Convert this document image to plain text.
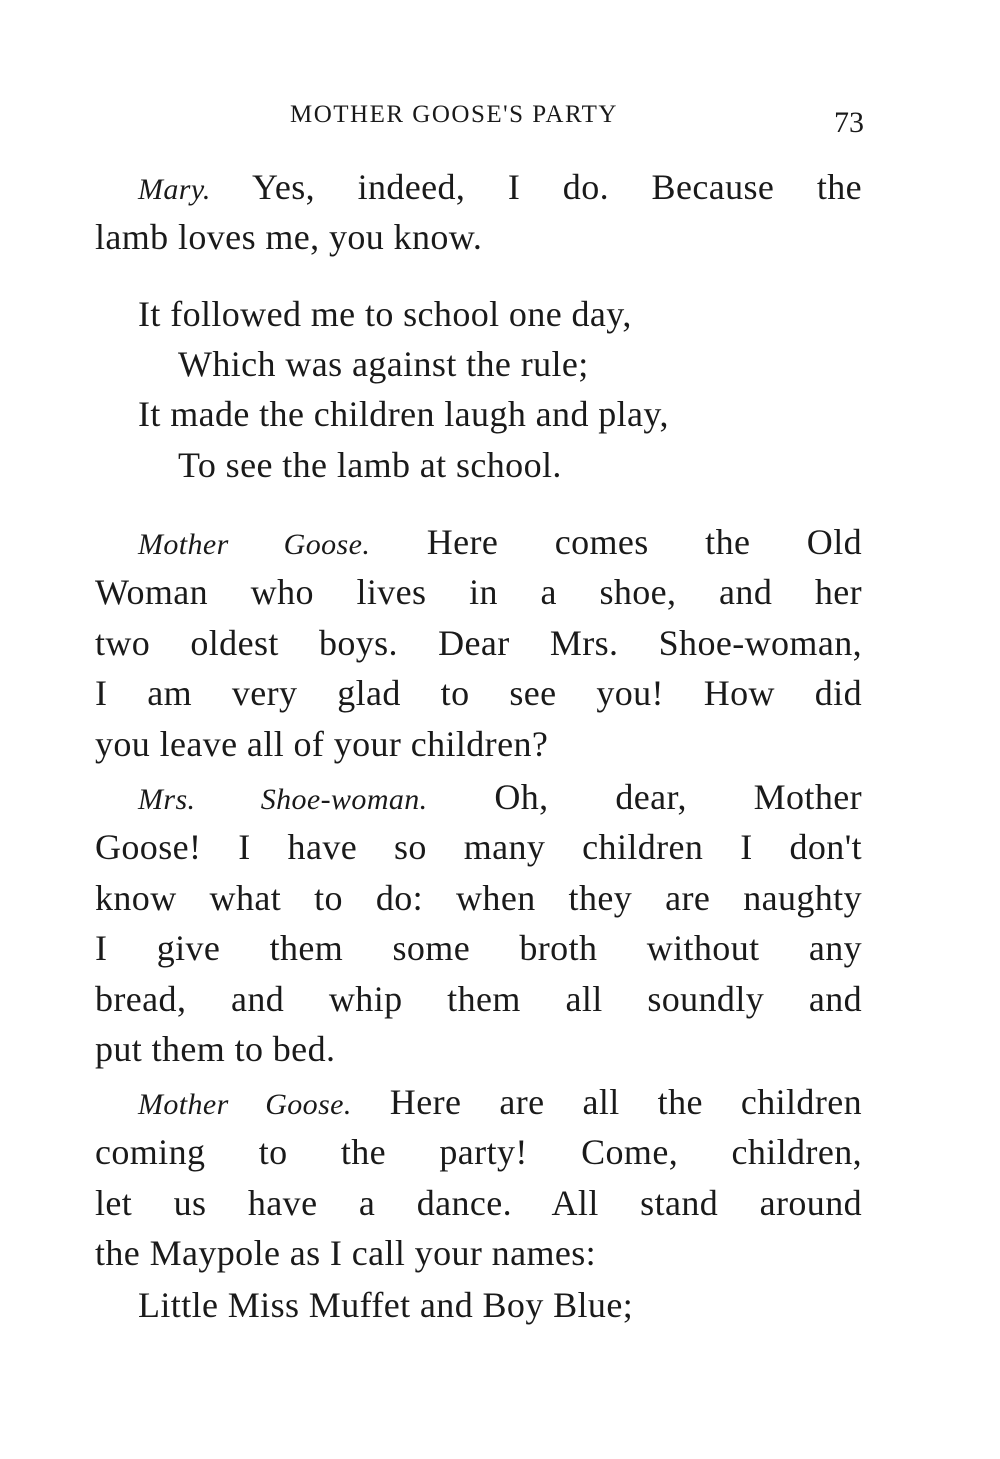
MOTHER GOOSE'S PARTY	73
Mary. Yes, indeed, I do. Because the
lamb loves me, you know.
It followed me to school one day,
Which was against the rule;
It made the children laugh and play,
To see the lamb at school.
Mother Goose. Here comes the Old
Woman who lives in a shoe, and her
two oldest boys. Dear Mrs. Shoe-woman,
I am very glad to see you! How did
you leave all of your children?
Mrs. Shoe-woman. Oh, dear, Mother
Goose! I have so many children I don't
know what to do: when they are naughty
I give them some broth without any
bread, and whip them all soundly and
put them to bed.
Mother Goose. Here are all the children
coming to the party! Come, children,
let us have a dance. All stand around
the Maypole as I call your names:
Little Miss Muffet and Boy Blue;
